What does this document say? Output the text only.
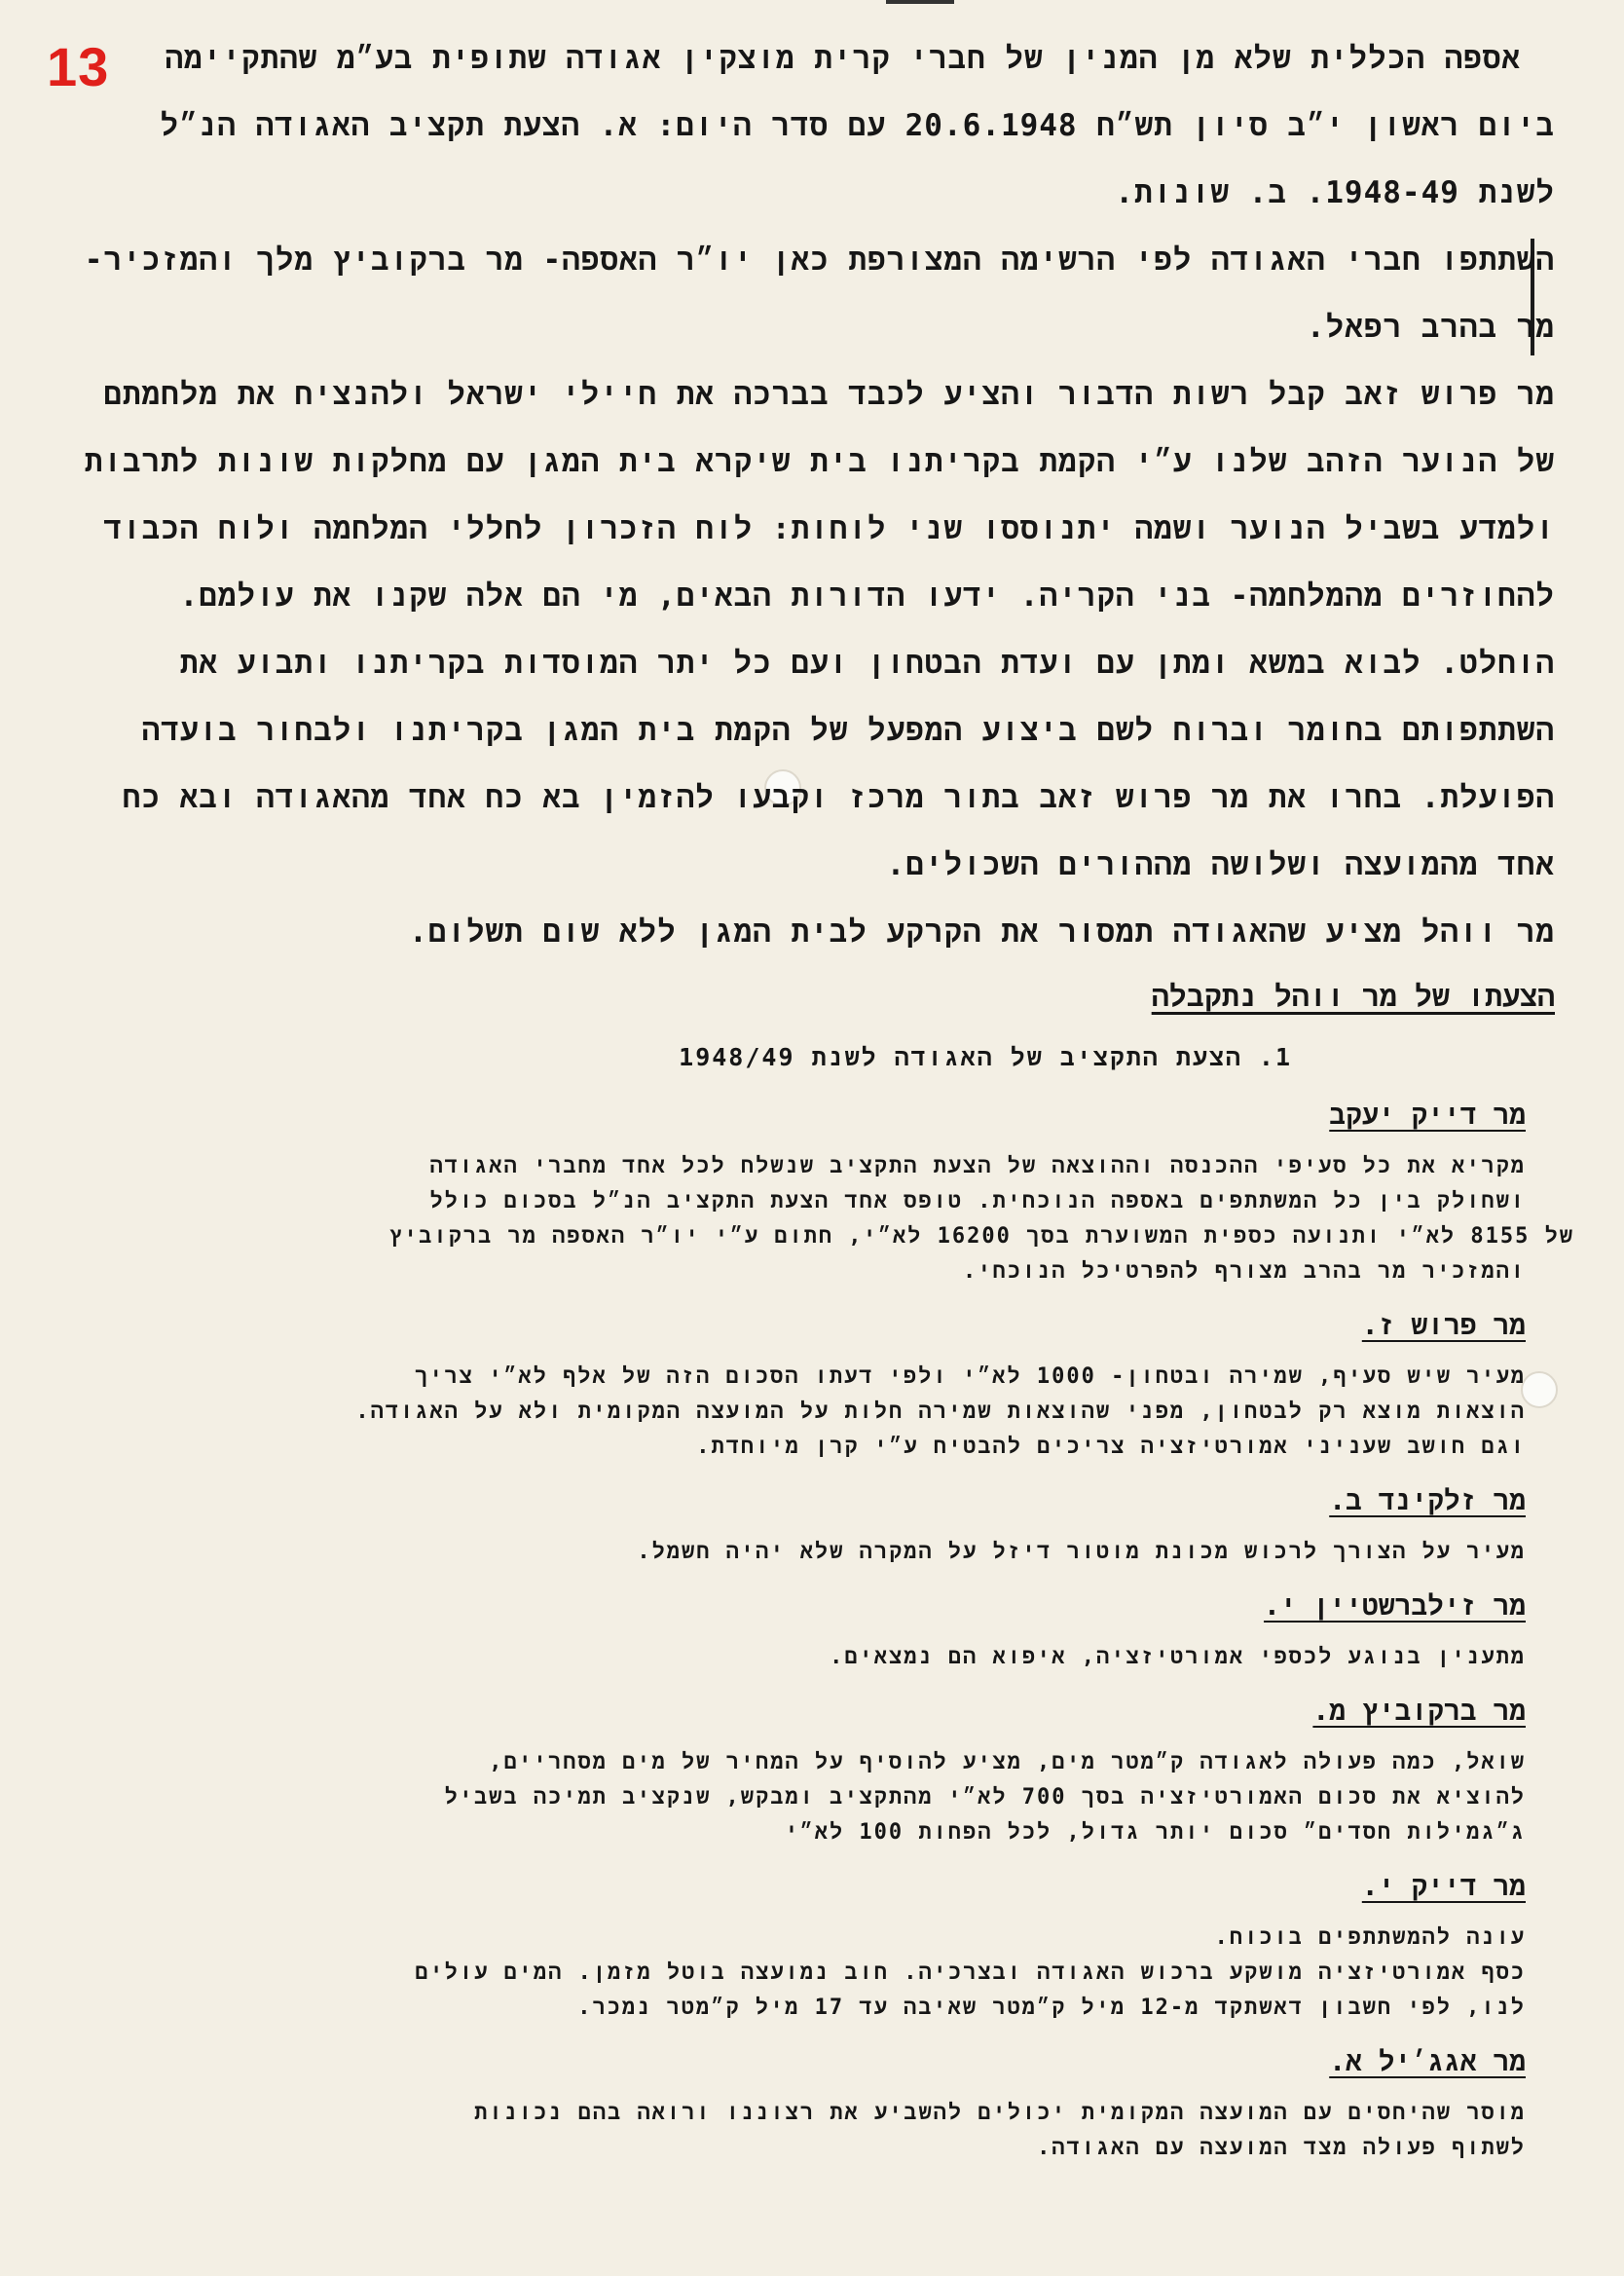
13	אספה הכללית שלא מן המנין של חברי קרית מוצקין אגודה שתופית בע״מ שהתקיימה

ביום ראשון י״ב סיון תש״ח 20.6.1948 עם סדר היום: א. הצעת תקציב האגודה הנ״ל

לשנת 1948-49. ב. שונות.

השתתפו חברי האגודה לפי הרשימה המצורפת כאן יו״ר האספה- מר ברקוביץ מלך והמזכיר-

מר בהרב רפאל.

מר פרוש זאב קבל רשות הדבור והציע לכבד בברכה את חיילי ישראל ולהנציח את מלחמתם

של הנוער הזהב שלנו ע״י הקמת בקריתנו בית שיקרא בית המגן עם מחלקות שונות לתרבות

ולמדע בשביל הנוער ושמה יתנוססו שני לוחות: לוח הזכרון לחללי המלחמה ולוח הכבוד

להחוזרים מהמלחמה- בני הקריה. ידעו הדורות הבאים, מי הם אלה שקנו את עולמם.

הוחלט. לבוא במשא ומתן עם ועדת הבטחון ועם כל יתר המוסדות בקריתנו ותבוע את

השתתפותם בחומר וברוח לשם ביצוע המפעל של הקמת בית המגן בקריתנו ולבחור בועדה

הפועלת. בחרו את מר פרוש זאב בתור מרכז וקבעו להזמין בא כח אחד מהאגודה ובא כח

אחד מהמועצה ושלושה מההורים השכולים.

מר ווהל מציע שהאגודה תמסור את הקרקע לבית המגן ללא שום תשלום.

הצעתו של מר ווהל נתקבלה

1. הצעת התקציב של האגודה לשנת 1948/49

מר דייק יעקב

מקריא את כל סעיפי ההכנסה וההוצאה של הצעת התקציב שנשלח לכל אחד מחברי האגודה

ושחולק בין כל המשתתפים באספה הנוכחית. טופס אחד הצעת התקציב הנ״ל בסכום כולל

של 8155 לא״י ותנועה כספית המשוערת בסך 16200 לא״י, חתום ע״י יו״ר האספה מר ברקוביץ

והמזכיר מר בהרב מצורף להפרטיכל הנוכחי.

מר פרוש ז.

מעיר שיש סעיף, שמירה ובטחון- 1000 לא״י ולפי דעתו הסכום הזה של אלף לא״י צריך

הוצאות מוצא רק לבטחון, מפני שהוצאות שמירה חלות על המועצה המקומית ולא על האגודה.

וגם חושב שעניני אמורטיזציה צריכים להבטיח ע״י קרן מיוחדת.

מר זלקינד ב.

מעיר על הצורך לרכוש מכונת מוטור דיזל על המקרה שלא יהיה חשמל.

מר זילברשטיין י.

מתענין בנוגע לכספי אמורטיזציה, איפוא הם נמצאים.

מר ברקוביץ מ.

שואל, כמה פעולה לאגודה ק״מטר מים, מציע להוסיף על המחיר של מים מסחריים,

להוציא את סכום האמורטיזציה בסך 700 לא״י מהתקציב ומבקש, שנקציב תמיכה בשביל

ג״גמילות חסדים״ סכום יותר גדול, לכל הפחות 100 לא״י

מר דייק י.

עונה להמשתתפים בוכוח.

כסף אמורטיזציה מושקע ברכוש האגודה ובצרכיה. חוב נמועצה בוטל מזמן. המים עולים

לנו, לפי חשבון דאשתקד מ-12 מיל ק״מטר שאיבה עד 17 מיל ק״מטר נמכר.

מר אגג׳יל א.

מוסר שהיחסים עם המועצה המקומית יכולים להשביע את רצוננו ורואה בהם נכונות

לשתוף פעולה מצד המועצה עם האגודה.
